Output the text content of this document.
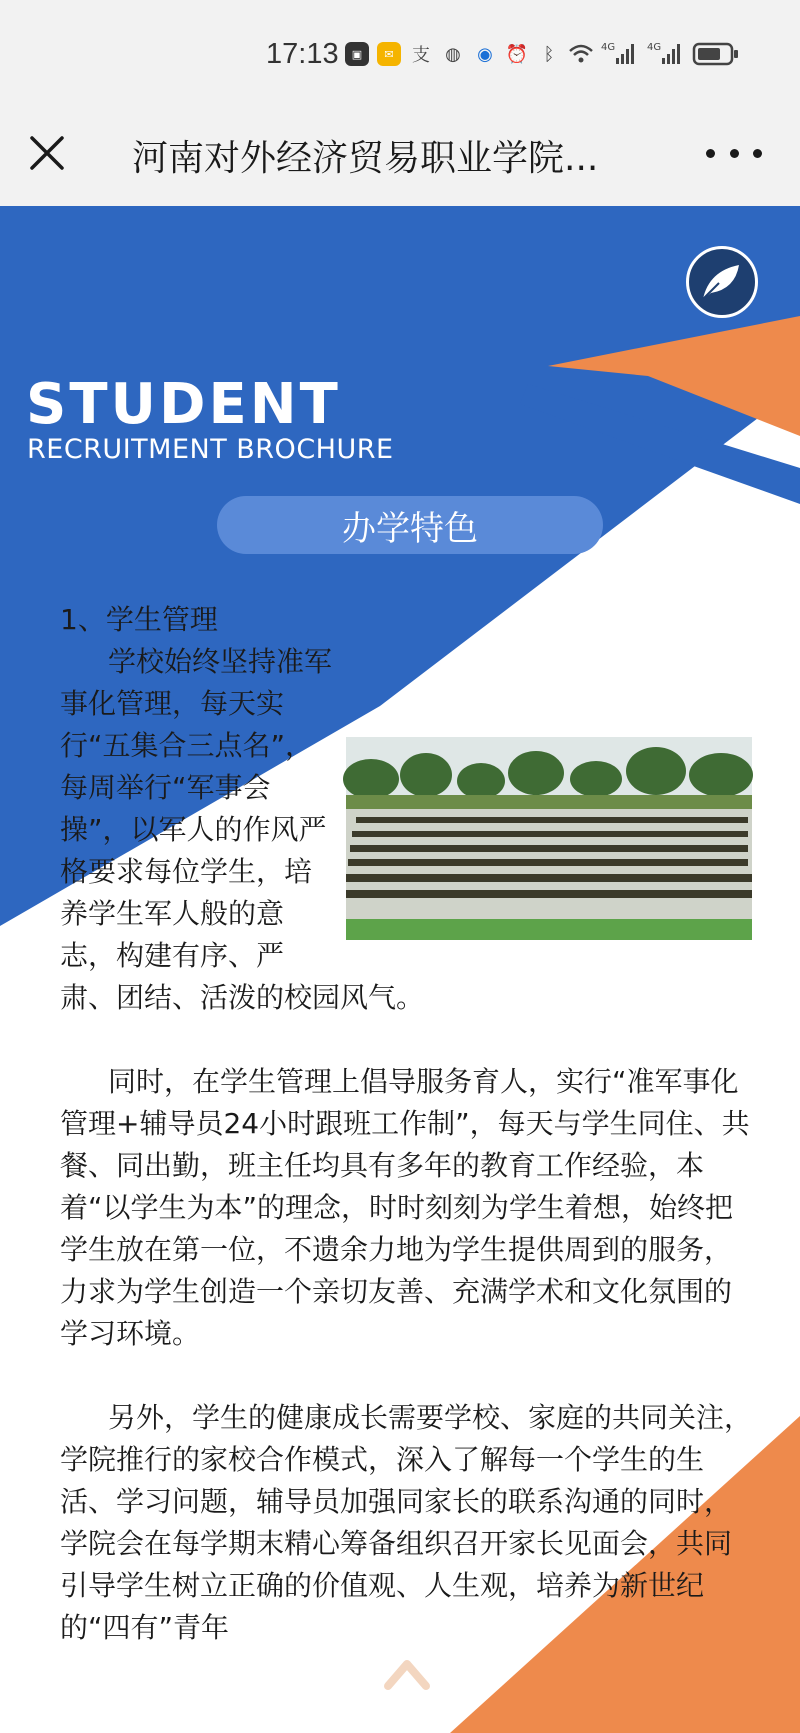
17:13	▣	✉	支 ◍ ◉ ⏰ ᛒ	4G	4G
河南对外经济贸易职业学院...
STUDENT
RECRUITMENT BROCHURE
办学特色

1、学生管理

学校始终坚持准军事化管理，每天实行“五集合三点名”，每周举行“军事会操”，以军人的作风严格要求每位学生，培养学生军人般的意志，构建有序、严肃、团结、活泼的校园风气。

同时，在学生管理上倡导服务育人，实行“准军事化管理+辅导员24小时跟班工作制”，每天与学生同住、共餐、同出勤，班主任均具有多年的教育工作经验，本着“以学生为本”的理念，时时刻刻为学生着想，始终把学生放在第一位，不遗余力地为学生提供周到的服务，力求为学生创造一个亲切友善、充满学术和文化氛围的学习环境。

另外，学生的健康成长需要学校、家庭的共同关注，学院推行的家校合作模式，深入了解每一个学生的生活、学习问题，辅导员加强同家长的联系沟通的同时，学院会在每学期末精心筹备组织召开家长见面会，共同引导学生树立正确的价值观、人生观，培养为新世纪的“四有”青年
